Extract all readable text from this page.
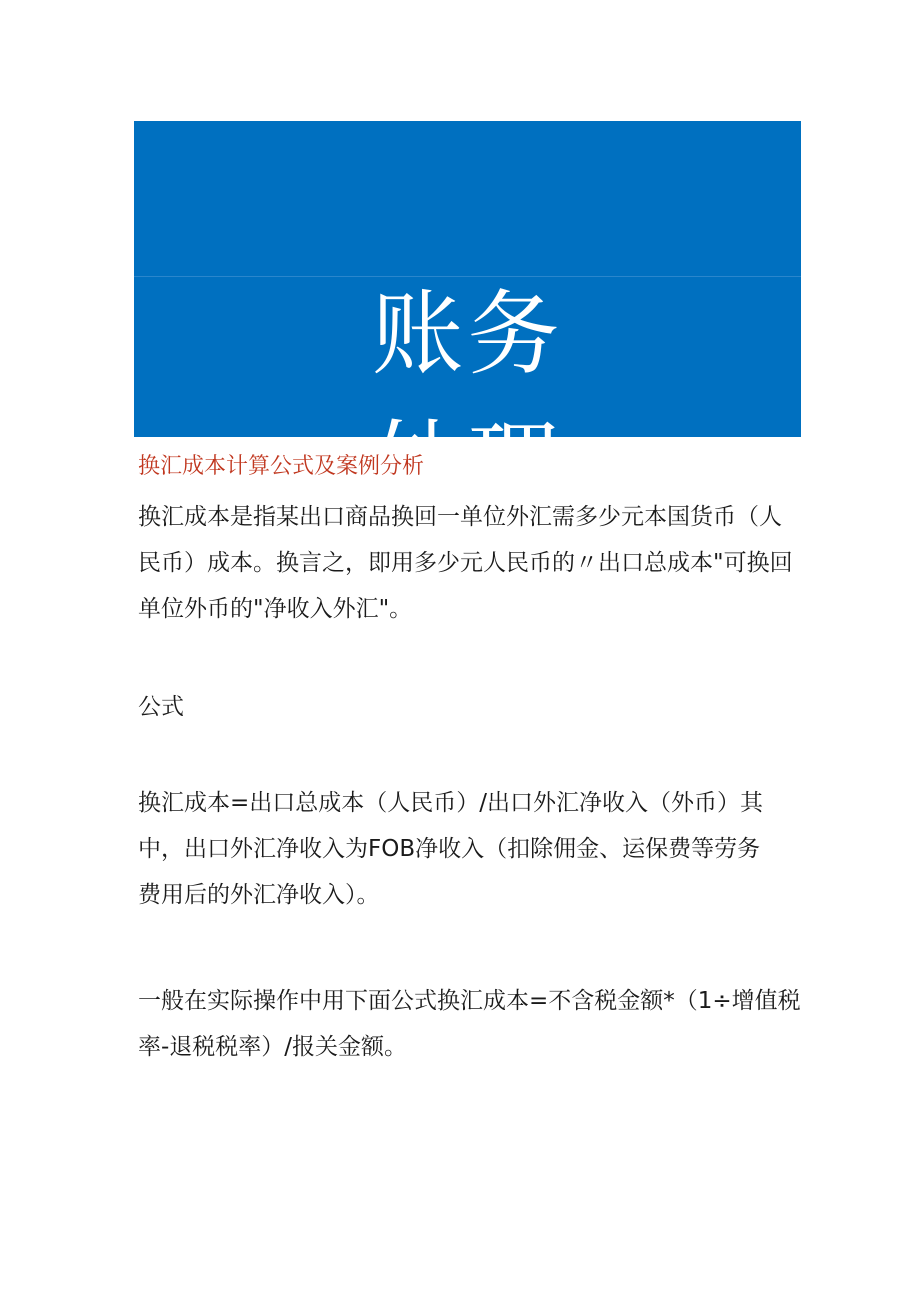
账务
处理
换汇成本计算公式及案例分析
换汇成本是指某出口商品换回一单位外汇需多少元本国货币（人
民币）成本。换言之，即用多少元人民币的〃出口总成本"可换回
单位外币的"净收入外汇"。
公式
换汇成本=出口总成本（人民币）/出口外汇净收入（外币）其
中，出口外汇净收入为FOB净收入（扣除佣金、运保费等劳务
费用后的外汇净收入）。
一般在实际操作中用下面公式换汇成本=不含税金额*（1÷增值税
率-退税税率）/报关金额。
